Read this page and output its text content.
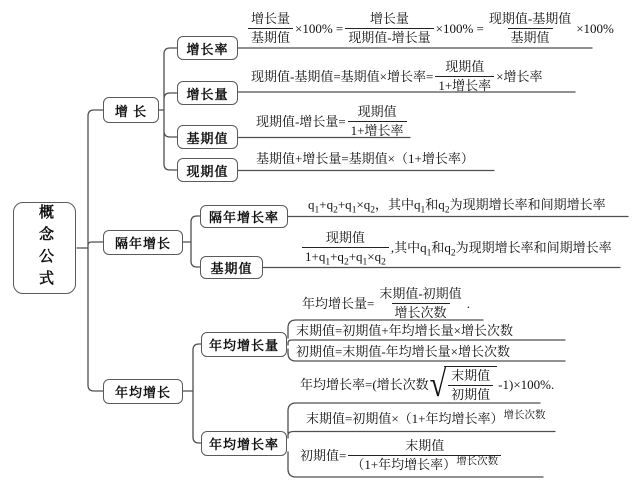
概念公式
增 长
隔年增长
年均增长
增长率
增长量
基期值
现期值
隔年增长率
基期值
年均增长量
年均增长率
$\frac{\text{增长量}}{\text{基期值}} \times 100\% = \frac{\text{增长量}}{\text{现期值-增长量}} \times 100\% = \frac{\text{现期值-基期值}}{\text{基期值}} \times 100\%$
现期值-基期值=基期值×增长率= $\frac{\text{现期值}}{\text{1+增长率}}$ ×增长率
现期值-增长量= $\frac{\text{现期值}}{\text{1+增长率}}$
基期值+增长量=基期值×（1+增长率）
$q_1+q_2+q_1\times q_2$，其中$q_1$和$q_2$为现期增长率和间期增长率
$\frac{\text{现期值}}{1+q_1+q_2+q_1\times q_2}$ ,其中$q_1$和$q_2$为现期增长率和间期增长率
年均增长量= $\frac{\text{末期值-初期值}}{\text{增长次数}}$ .
末期值=初期值+年均增长量×增长次数
初期值=末期值-年均增长量×增长次数
年均增长率=(增长次数 √ $\frac{\text{末期值}}{\text{初期值}} -1)\times 100\%$.
末期值=初期值×（1+年均增长率）$^{增长次数}$
初期值= $\frac{\text{末期值}}{(1+年均增长率)^{增长次数}}$
